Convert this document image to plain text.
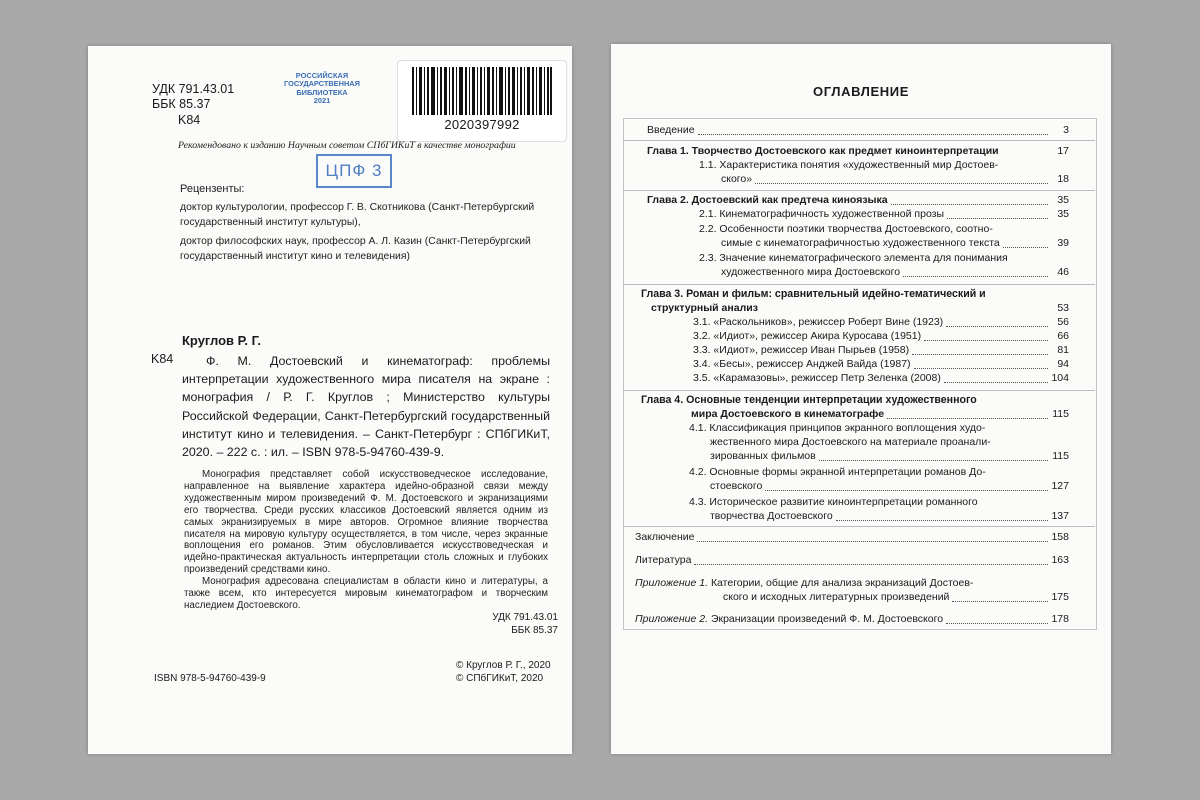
УДК 791.43.01
ББК 85.37
K84
РОССИЙСКАЯ
ГОСУДАРСТВЕННАЯ
БИБЛИОТЕКА
2021
2020397992
Рекомендовано к изданию Научным советом СПбГИКиТ в качестве монографии
ЦПФ 3
Рецензенты:
доктор культурологии, профессор Г. В. Скотникова (Санкт-Петербургский
государственный институт культуры),
доктор философских наук, профессор А. Л. Казин (Санкт-Петербургский
государственный институт кино и телевидения)
Круглов Р. Г.
K84	Ф. М. Достоевский и кинематограф: проблемы интерпретации художественного мира писателя на экране : монография / Р. Г. Круглов ; Министерство культуры Российской Федерации, Санкт-Петербургский государственный институт кино и телевидения. – Санкт-Петербург : СПбГИКиТ, 2020. – 222 с. : ил. – ISBN 978-5-94760-439-9.

Монография представляет собой искусствоведческое исследование, направленное на выявление характера идейно-образной связи между художественным миром произведений Ф. М. Достоевского и экранизациями его творчества. Среди русских классиков Достоевский является одним из самых экранизируемых в мире авторов. Огромное влияние творчества писателя на мировую культуру осуществляется, в том числе, через экранные воплощения его романов. Этим обусловливается искусствоведческая и идейно-практическая актуальность интерпретации столь сложных и глубоких произведений средствами кино.

Монография адресована специалистам в области кино и литературы, а также всем, кто интересуется мировым кинематографом и творческим наследием Достоевского.

УДК 791.43.01
ББК 85.37
ISBN 978-5-94760-439-9
© Круглов Р. Г., 2020
© СПбГИКиТ, 2020
ОГЛАВЛЕНИЕ
Введение	3
Глава 1. Творчество Достоевского как предмет киноинтерпретации	17
1.1. Характеристика понятия «художественный мир Достоев-
ского»	18
Глава 2. Достоевский как предтеча киноязыка	35
2.1. Кинематографичность художественной прозы	35
2.2. Особенности поэтики творчества Достоевского, соотно-
симые с кинематографичностью художественного текста	39
2.3. Значение кинематографического элемента для понимания
художественного мира Достоевского	46
Глава 3. Роман и фильм: сравнительный идейно-тематический и
структурный анализ	53
3.1. «Раскольников», режиссер Роберт Вине (1923)	56
3.2. «Идиот», режиссер Акира Куросава (1951)	66
3.3. «Идиот», режиссер Иван Пырьев (1958)	81
3.4. «Бесы», режиссер Анджей Вайда (1987)	94
3.5. «Карамазовы», режиссер Петр Зеленка (2008)	104
Глава 4. Основные тенденции интерпретации художественного
мира Достоевского в кинематографе	115
4.1. Классификация принципов экранного воплощения худо-
жественного мира Достоевского на материале проанали-
зированных фильмов	115
4.2. Основные формы экранной интерпретации романов До-
стоевского	127
4.3. Историческое развитие киноинтерпретации романного
творчества Достоевского	137
Заключение	158
Литература	163
Приложение 1. Категории, общие для анализа экранизаций Достоев-
ского и исходных литературных произведений	175
Приложение 2. Экранизации произведений Ф. М. Достоевского	178
